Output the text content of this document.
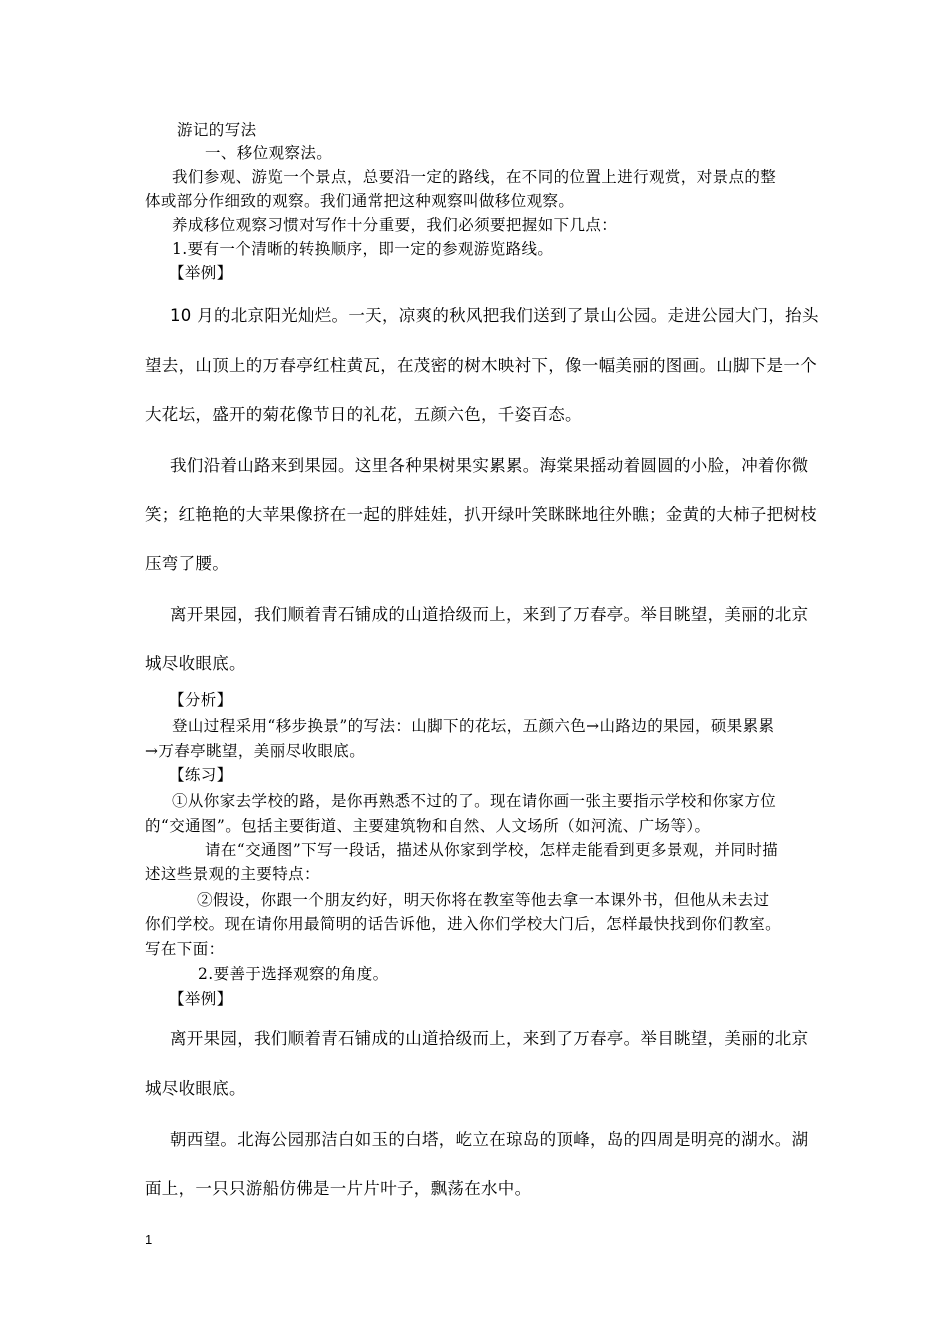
游记的写法
一、移位观察法。
我们参观、游览一个景点，总要沿一定的路线，在不同的位置上进行观赏，对景点的整
体或部分作细致的观察。我们通常把这种观察叫做移位观察。
养成移位观察习惯对写作十分重要，我们必须要把握如下几点：
1.要有一个清晰的转换顺序，即一定的参观游览路线。
【举例】
10 月的北京阳光灿烂。一天，凉爽的秋风把我们送到了景山公园。走进公园大门，抬头
望去，山顶上的万春亭红柱黄瓦，在茂密的树木映衬下，像一幅美丽的图画。山脚下是一个
大花坛，盛开的菊花像节日的礼花，五颜六色，千姿百态。
我们沿着山路来到果园。这里各种果树果实累累。海棠果摇动着圆圆的小脸，冲着你微
笑；红艳艳的大苹果像挤在一起的胖娃娃，扒开绿叶笑眯眯地往外瞧；金黄的大柿子把树枝
压弯了腰。
离开果园，我们顺着青石铺成的山道拾级而上，来到了万春亭。举目眺望，美丽的北京
城尽收眼底。
【分析】
登山过程采用“移步换景”的写法：山脚下的花坛，五颜六色→山路边的果园，硕果累累
→万春亭眺望，美丽尽收眼底。
【练习】
①从你家去学校的路，是你再熟悉不过的了。现在请你画一张主要指示学校和你家方位
的“交通图”。包括主要街道、主要建筑物和自然、人文场所（如河流、广场等）。
请在“交通图”下写一段话，描述从你家到学校，怎样走能看到更多景观，并同时描
述这些景观的主要特点：
②假设，你跟一个朋友约好，明天你将在教室等他去拿一本课外书，但他从未去过
你们学校。现在请你用最简明的话告诉他，进入你们学校大门后，怎样最快找到你们教室。
写在下面：
2.要善于选择观察的角度。
【举例】
离开果园，我们顺着青石铺成的山道拾级而上，来到了万春亭。举目眺望，美丽的北京
城尽收眼底。
朝西望。北海公园那洁白如玉的白塔，屹立在琼岛的顶峰，岛的四周是明亮的湖水。湖
面上，一只只游船仿佛是一片片叶子，飘荡在水中。
1
